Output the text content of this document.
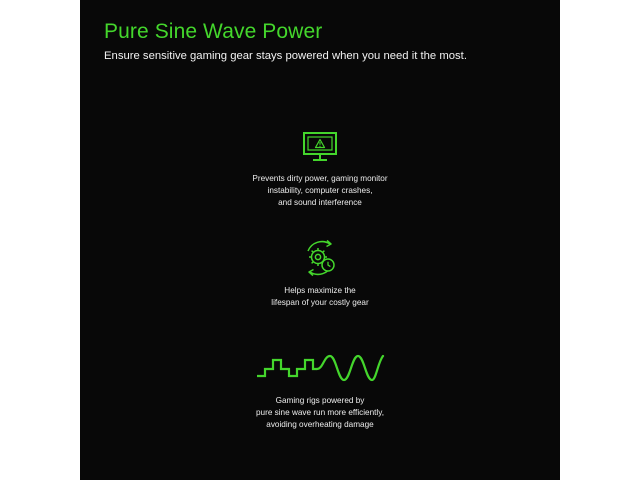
Pure Sine Wave Power

Ensure sensitive gaming gear stays powered when you need it the most.

Prevents dirty power, gaming monitor
instability, computer crashes,
and sound interference
Helps maximize the
lifespan of your costly gear
Gaming rigs powered by
pure sine wave run more efficiently,
avoiding overheating damage
